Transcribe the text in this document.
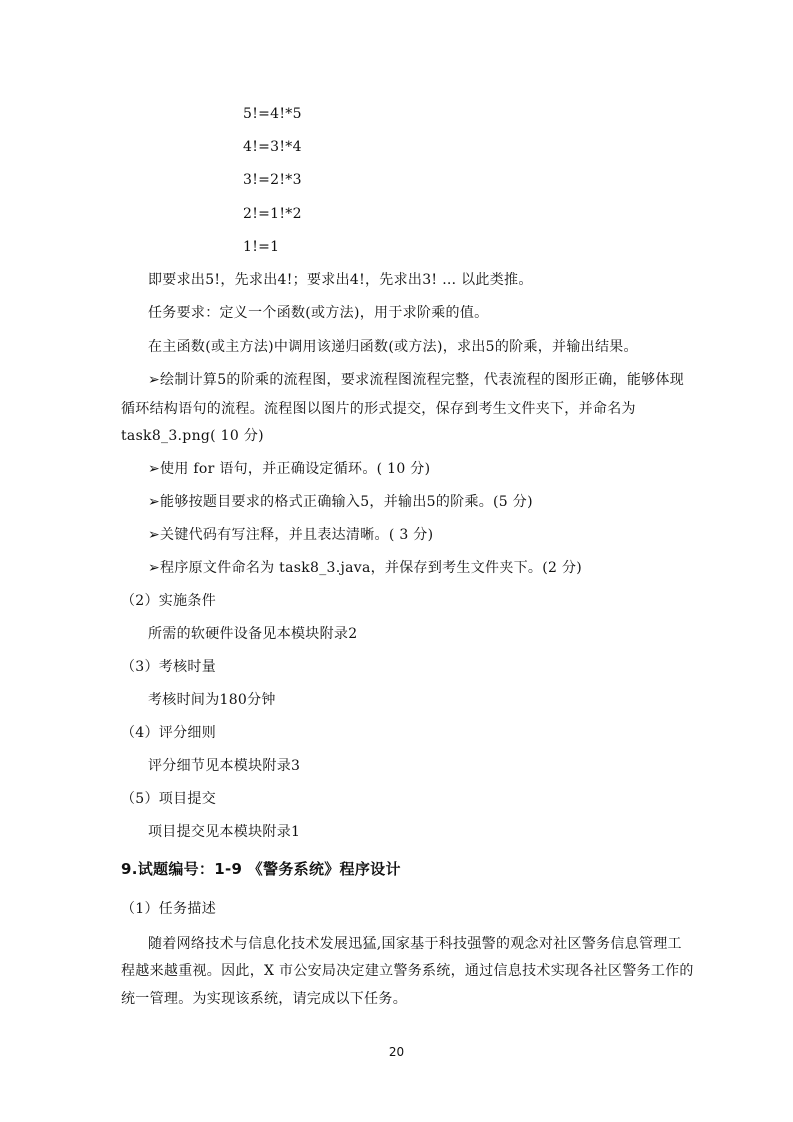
5!=4!*5
4!=3!*4
3!=2!*3
2!=1!*2
1!=1
即要求出5!，先求出4!；要求出4!，先求出3! … 以此类推。
任务要求：定义一个函数(或方法)，用于求阶乘的值。
在主函数(或主方法)中调用该递归函数(或方法)，求出5的阶乘，并输出结果。
➢绘制计算5的阶乘的流程图，要求流程图流程完整，代表流程的图形正确，能够体现
循环结构语句的流程。流程图以图片的形式提交，保存到考生文件夹下，并命名为
task8_3.png( 10 分)
➢使用 for 语句，并正确设定循环。( 10 分)
➢能够按题目要求的格式正确输入5，并输出5的阶乘。(5 分)
➢关键代码有写注释，并且表达清晰。( 3 分)
➢程序原文件命名为 task8_3.java，并保存到考生文件夹下。(2 分)
（2）实施条件
所需的软硬件设备见本模块附录2
（3）考核时量
考核时间为180分钟
（4）评分细则
评分细节见本模块附录3
（5）项目提交
项目提交见本模块附录1
9.试题编号：1-9 《警务系统》程序设计
（1）任务描述
随着网络技术与信息化技术发展迅猛,国家基于科技强警的观念对社区警务信息管理工
程越来越重视。因此，X 市公安局决定建立警务系统，通过信息技术实现各社区警务工作的
统一管理。为实现该系统，请完成以下任务。
20
